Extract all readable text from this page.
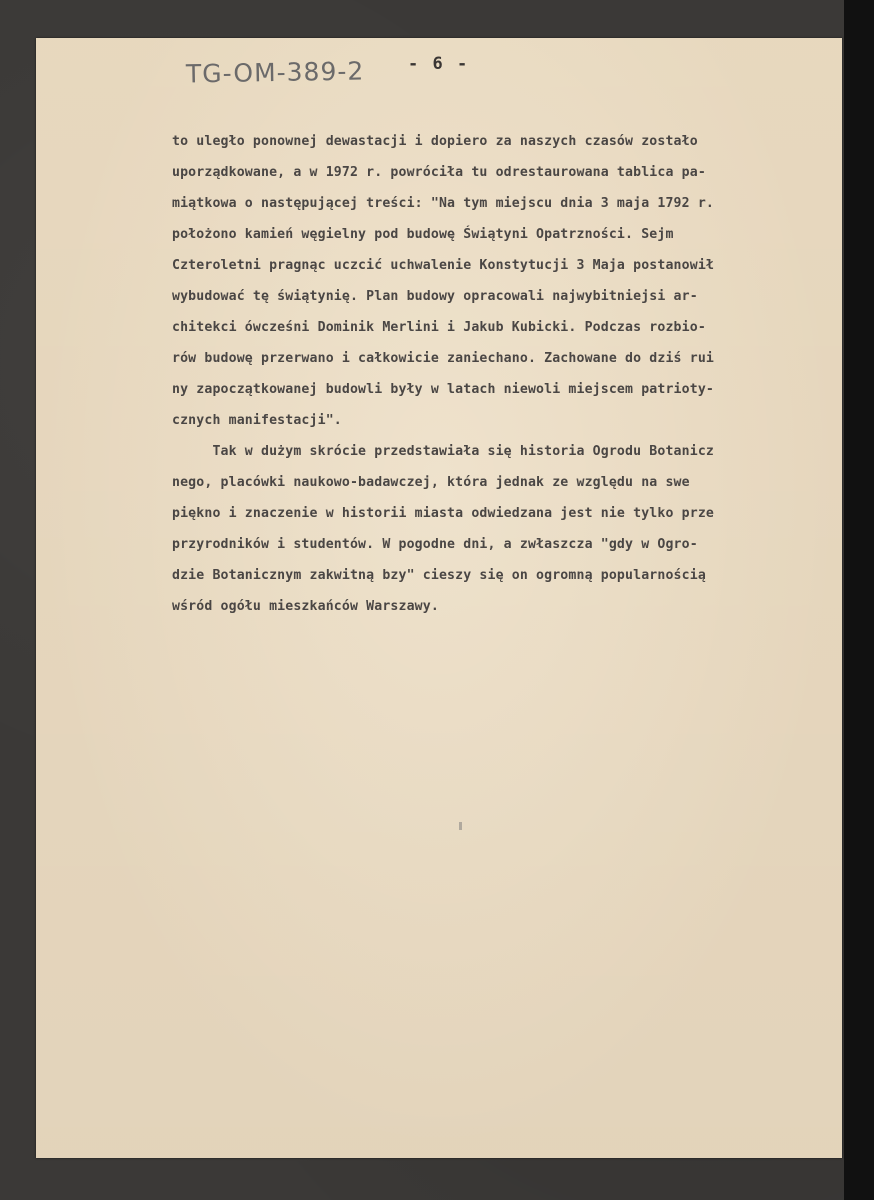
TG-OM-389-2	- 6 -
to uległo ponownej dewastacji i dopiero za naszych czasów zostało
uporządkowane, a w 1972 r. powróciła tu odrestaurowana tablica pa-
miątkowa o następującej treści: "Na tym miejscu dnia 3 maja 1792 r.
położono kamień węgielny pod budowę Świątyni Opatrzności. Sejm
Czteroletni pragnąc uczcić uchwalenie Konstytucji 3 Maja postanowił
wybudować tę świątynię. Plan budowy opracowali najwybitniejsi ar-
chitekci ówcześni Dominik Merlini i Jakub Kubicki. Podczas rozbio-
rów budowę przerwano i całkowicie zaniechano. Zachowane do dziś rui
ny zapoczątkowanej budowli były w latach niewoli miejscem patrioty-
cznych manifestacji".
Tak w dużym skrócie przedstawiała się historia Ogrodu Botanicz
nego, placówki naukowo-badawczej, która jednak ze względu na swe
piękno i znaczenie w historii miasta odwiedzana jest nie tylko prze
przyrodników i studentów. W pogodne dni, a zwłaszcza "gdy w Ogro-
dzie Botanicznym zakwitną bzy" cieszy się on ogromną popularnością
wśród ogółu mieszkańców Warszawy.
